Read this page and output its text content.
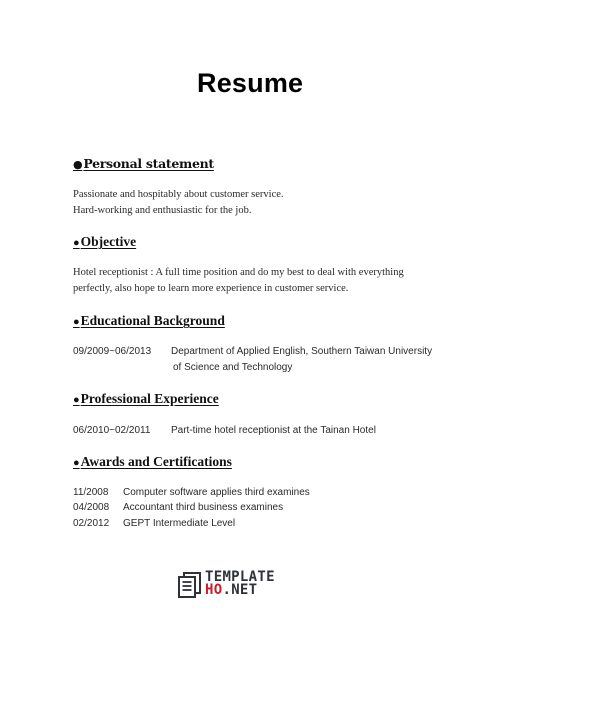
Resume
●Personal statement

Passionate and hospitably about customer service.
Hard-working and enthusiastic for the job.

●Objective

Hotel receptionist : A full time position and do my best to deal with everything
perfectly, also hope to learn more experience in customer service.

●Educational Background
09/2009~06/2013 Department of Applied English, Southern Taiwan University
of Science and Technology
●Professional Experience
06/2010~02/2011 Part-time hotel receptionist at the Tainan Hotel
●Awards and Certifications
11/2008 Computer software applies third examines
04/2008 Accountant third business examines
02/2012 GEPT Intermediate Level
TEMPLATE
HO.NET
